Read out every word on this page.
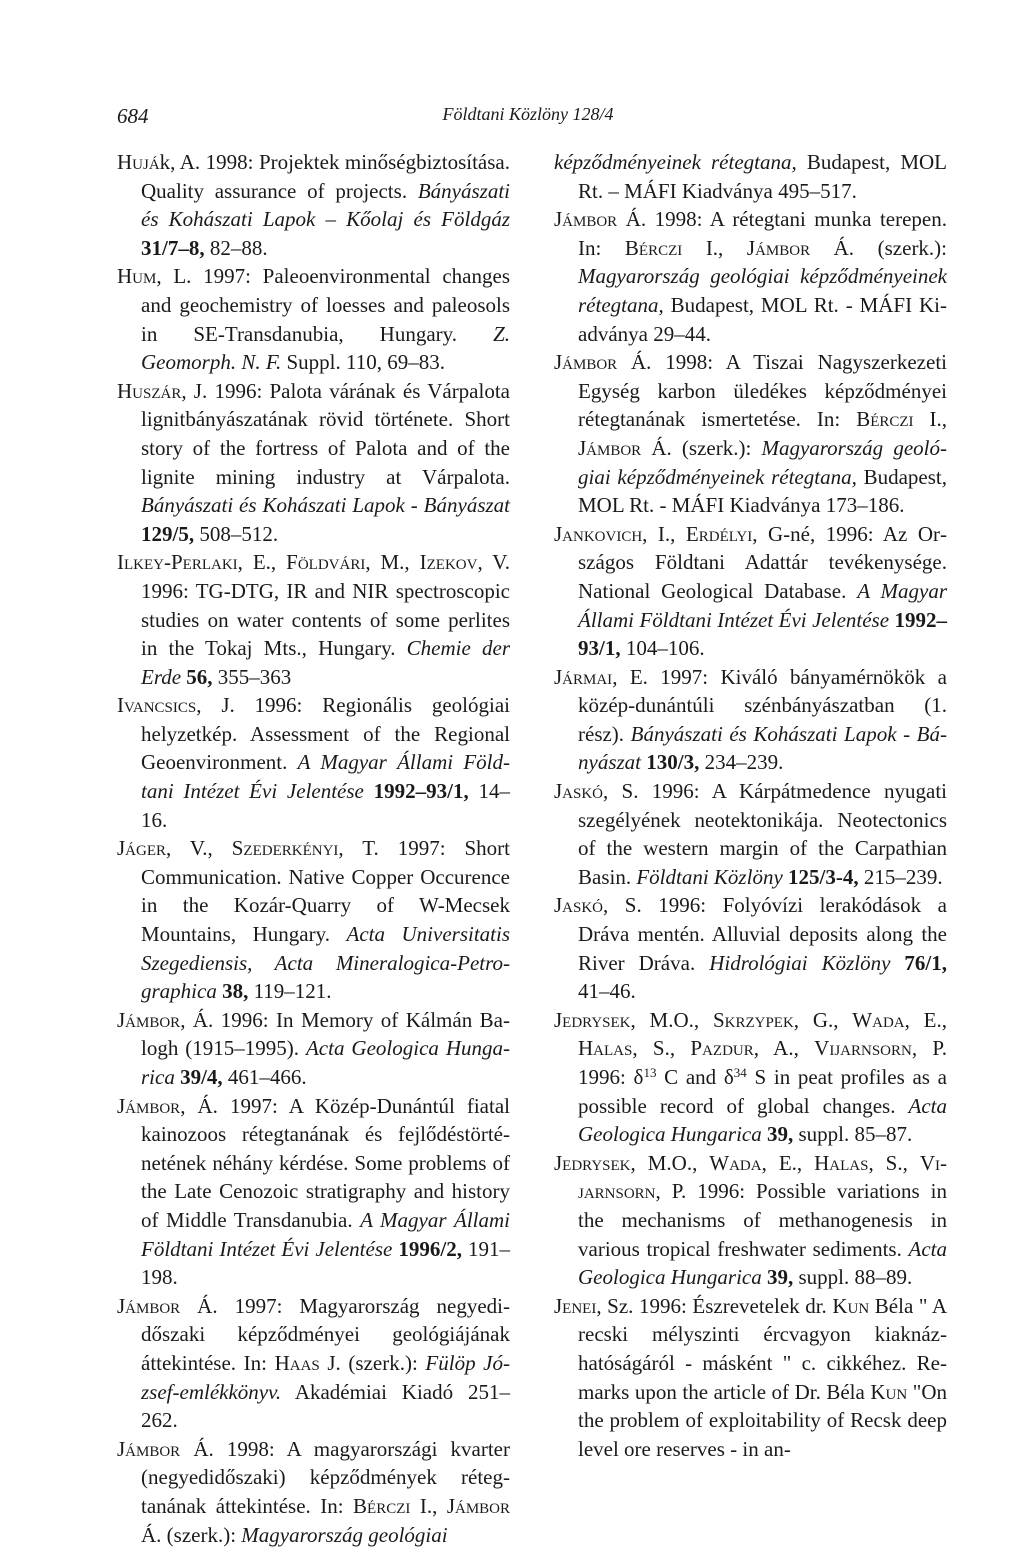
684	Földtani Közlöny 128/4

Huják, A. 1998: Projektek minőségbiztosítása. Quality assurance of projects. Bányászati és Kohászati Lapok – Kőolaj és Földgáz 31/7–8, 82–88.

Hum, L. 1997: Paleoenvironmental changes and geochemistry of loesses and paleosols in SE-Transdanubia, Hungary. Z. Geomorph. N. F. Suppl. 110, 69–83.

Huszár, J. 1996: Palota várának és Várpalota lignitbányászatának rövid története. Short story of the fortress of Palota and of the lignite mining industry at Várpalota. Bányászati és Kohászati Lapok - Bányászat 129/5, 508–512.

Ilkey-Perlaki, E., Földvári, M., Izekov, V. 1996: TG-DTG, IR and NIR spectroscopic studies on water contents of some perlites in the Tokaj Mts., Hungary. Chemie der Erde 56, 355–363

Ivancsics, J. 1996: Regionális geológiai helyzetkép. Assessment of the Regional Geoenvironment. A Magyar Állami Földtani Intézet Évi Jelentése 1992–93/1, 14–16.

Jáger, V., Szederkényi, T. 1997: Short Communication. Native Copper Occurence in the Kozár-Quarry of W-Mecsek Mountains, Hungary. Acta Universitatis Szegediensis, Acta Mineralogica-Petrographica 38, 119–121.

Jámbor, Á. 1996: In Memory of Kálmán Balogh (1915–1995). Acta Geologica Hungarica 39/4, 461–466.

Jámbor, Á. 1997: A Közép-Dunántúl fiatal kainozoos rétegtanának és fejlődéstörténetének néhány kérdése. Some problems of the Late Cenozoic stratigraphy and history of Middle Transdanubia. A Magyar Állami Földtani Intézet Évi Jelentése 1996/2, 191–198.

Jámbor Á. 1997: Magyarország negyedidőszaki képződményei geológiájának áttekintése. In: Haas J. (szerk.): Fülöp József-emlékkönyv. Akadémiai Kiadó 251–262.

Jámbor Á. 1998: A magyarországi kvarter (negyedidőszaki) képződmények rétegtanának áttekintése. In: Bérczi I., Jámbor Á. (szerk.): Magyarország geológiai

képződményeinek rétegtana, Budapest, MOL Rt. – MÁFI Kiadványa 495–517.

Jámbor Á. 1998: A rétegtani munka terepen. In: Bérczi I., Jámbor Á. (szerk.): Magyarország geológiai képződményeinek rétegtana, Budapest, MOL Rt. - MÁFI Kiadványa 29–44.

Jámbor Á. 1998: A Tiszai Nagyszerkezeti Egység karbon üledékes képződményei rétegtanának ismertetése. In: Bérczi I., Jámbor Á. (szerk.): Magyarország geológiai képződményeinek rétegtana, Budapest, MOL Rt. - MÁFI Kiadványa 173–186.

Jankovich, I., Erdélyi, G-né, 1996: Az Országos Földtani Adattár tevékenysége. National Geological Database. A Magyar Állami Földtani Intézet Évi Jelentése 1992–93/1, 104–106.

Jármai, E. 1997: Kiváló bányamérnökök a közép-dunántúli szénbányászatban (1. rész). Bányászati és Kohászati Lapok - Bányászat 130/3, 234–239.

Jaskó, S. 1996: A Kárpátmedence nyugati szegélyének neotektonikája. Neotectonics of the western margin of the Carpathian Basin. Földtani Közlöny 125/3-4, 215–239.

Jaskó, S. 1996: Folyóvízi lerakódások a Dráva mentén. Alluvial deposits along the River Dráva. Hidrológiai Közlöny 76/1, 41–46.

Jedrysek, M.O., Skrzypek, G., Wada, E., Halas, S., Pazdur, A., Vijarnsorn, P. 1996: $\delta^{13}$ C and $\delta^{34}$ S in peat profiles as a possible record of global changes. Acta Geologica Hungarica 39, suppl. 85–87.

Jedrysek, M.O., Wada, E., Halas, S., Vijarnsorn, P. 1996: Possible variations in the mechanisms of methanogenesis in various tropical freshwater sediments. Acta Geologica Hungarica 39, suppl. 88–89.

Jenei, Sz. 1996: Észrevetelek dr. Kun Béla " A recski mélyszinti ércvagyon kiaknázhatóságáról - másként " c. cikkéhez. Remarks upon the article of Dr. Béla Kun "On the problem of exploitability of Recsk deep level ore reserves - in an-
